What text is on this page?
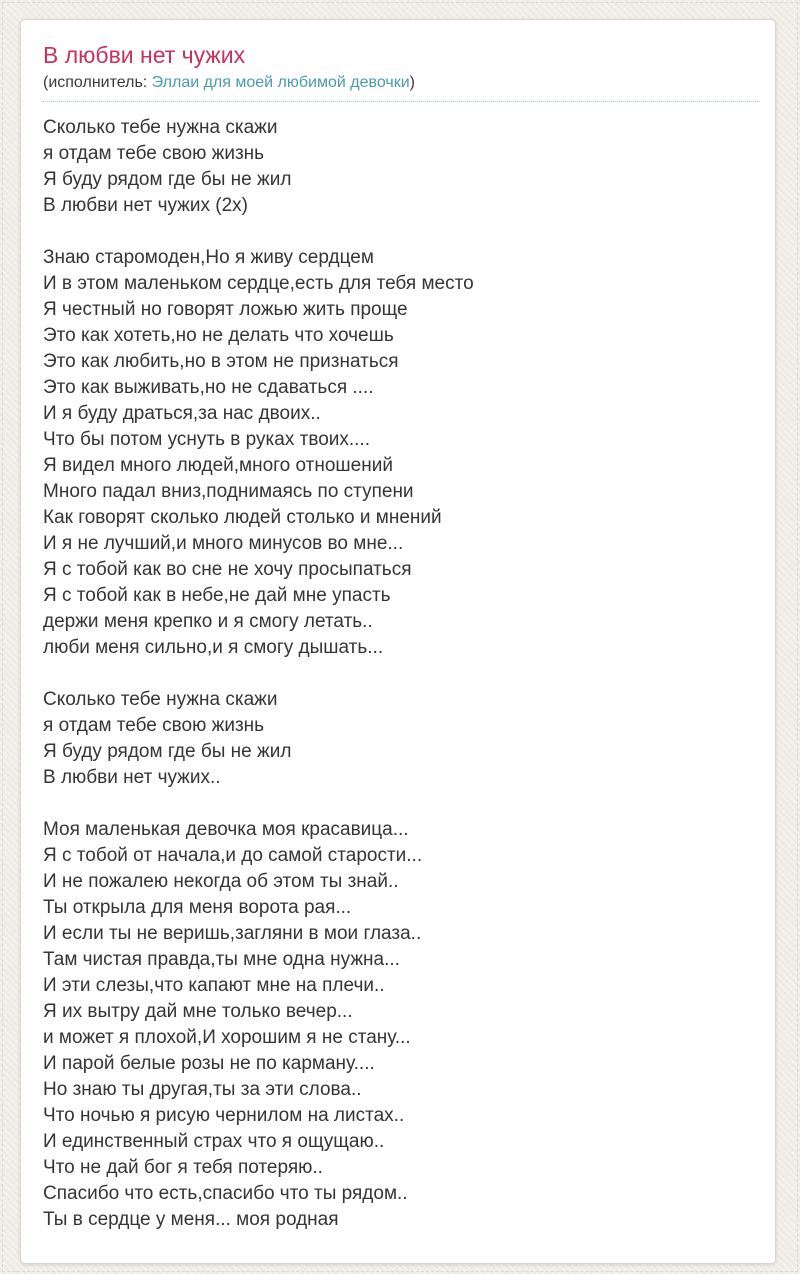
В любви нет чужих
(исполнитель: Эллаи для моей любимой девочки)
Сколько тебе нужна скажи
я отдам тебе свою жизнь
Я буду рядом где бы не жил
В любви нет чужих (2x)

Знаю старомоден,Но я живу сердцем
И в этом маленьком сердце,есть для тебя место
Я честный но говорят ложью жить проще
Это как хотеть,но не делать что хочешь
Это как любить,но в этом не признаться
Это как выживать,но не сдаваться ....
И я буду драться,за нас двоих..
Что бы потом уснуть в руках твоих....
Я видел много людей,много отношений
Много падал вниз,поднимаясь по ступени
Как говорят сколько людей столько и мнений
И я не лучший,и много минусов во мне...
Я с тобой как во сне не хочу просыпаться
Я с тобой как в небе,не дай мне упасть
держи меня крепко и я смогу летать..
люби меня сильно,и я смогу дышать...

Сколько тебе нужна скажи
я отдам тебе свою жизнь
Я буду рядом где бы не жил
В любви нет чужих..

Моя маленькая девочка моя красавица...
Я с тобой от начала,и до самой старости...
И не пожалею некогда об этом ты знай..
Ты открыла для меня ворота рая...
И если ты не веришь,загляни в мои глаза..
Там чистая правда,ты мне одна нужна...
И эти слезы,что капают мне на плечи..
Я их вытру дай мне только вечер...
и может я плохой,И хорошим я не стану...
И парой белые розы не по карману....
Но знаю ты другая,ты за эти слова..
Что ночью я рисую чернилом на листах..
И единственный страх что я ощущаю..
Что не дай бог я тебя потеряю..
Спасибо что есть,спасибо что ты рядом..
Ты в сердце у меня... моя родная
